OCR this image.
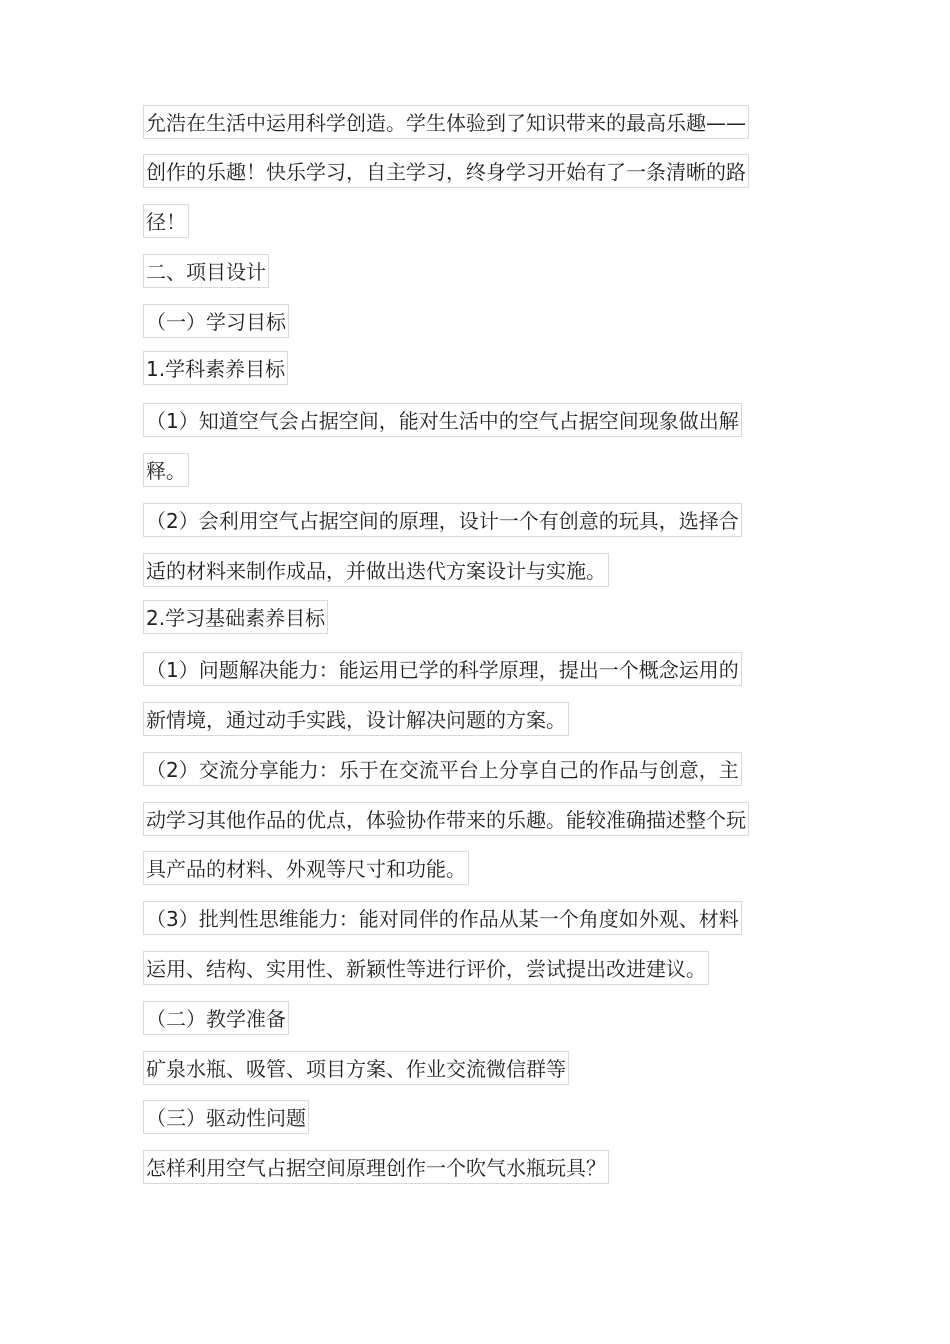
允浩在生活中运用科学创造。学生体验到了知识带来的最高乐趣——
创作的乐趣！快乐学习，自主学习，终身学习开始有了一条清晰的路
径！
二、项目设计
（一）学习目标
1.学科素养目标
（1）知道空气会占据空间，能对生活中的空气占据空间现象做出解
释。
（2）会利用空气占据空间的原理，设计一个有创意的玩具，选择合
适的材料来制作成品，并做出迭代方案设计与实施。
2.学习基础素养目标
（1）问题解决能力：能运用已学的科学原理，提出一个概念运用的
新情境，通过动手实践，设计解决问题的方案。
（2）交流分享能力：乐于在交流平台上分享自己的作品与创意，主
动学习其他作品的优点，体验协作带来的乐趣。能较准确描述整个玩
具产品的材料、外观等尺寸和功能。
（3）批判性思维能力：能对同伴的作品从某一个角度如外观、材料
运用、结构、实用性、新颖性等进行评价，尝试提出改进建议。
（二）教学准备
矿泉水瓶、吸管、项目方案、作业交流微信群等
（三）驱动性问题
怎样利用空气占据空间原理创作一个吹气水瓶玩具？
